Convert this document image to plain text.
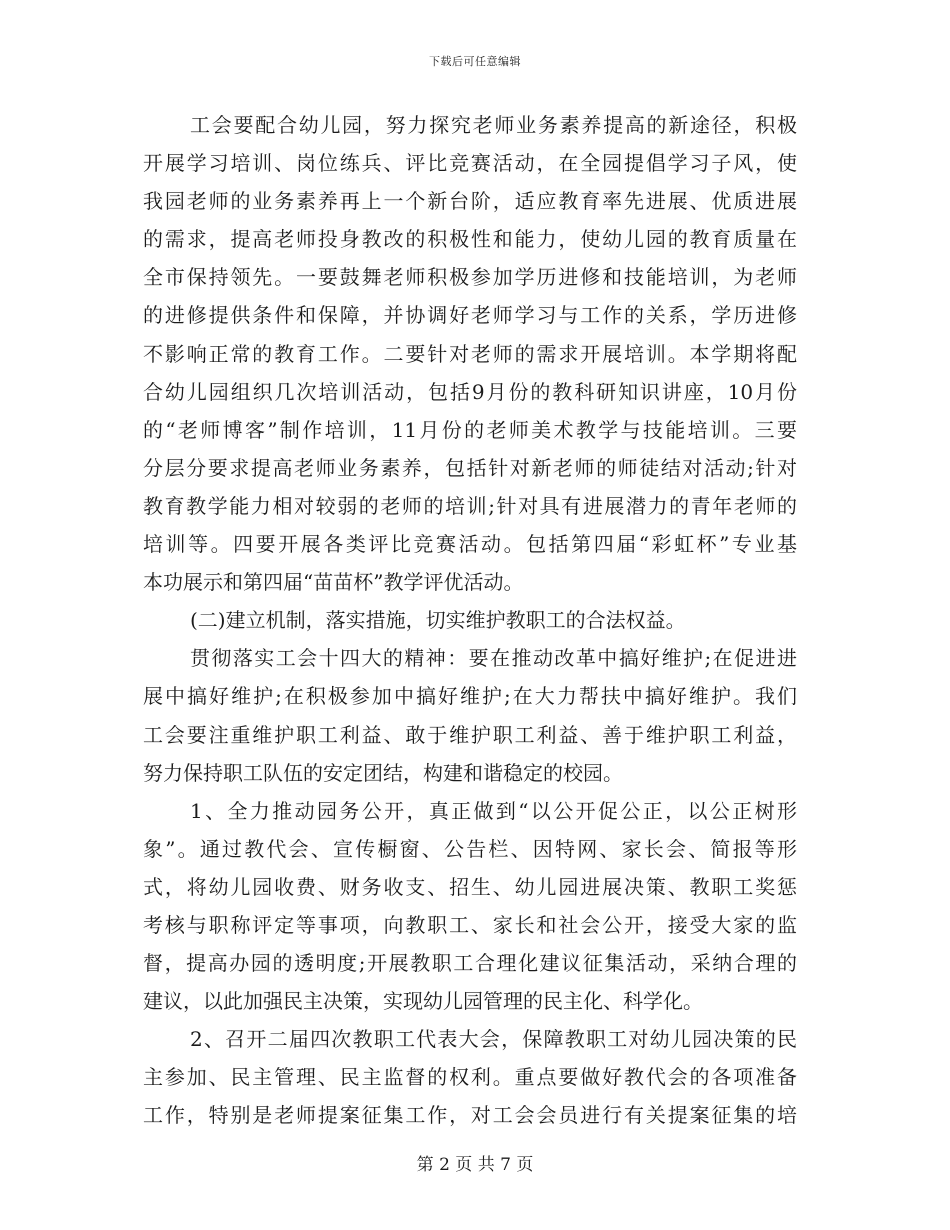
下载后可任意编辑
工会要配合幼儿园，努力探究老师业务素养提高的新途径，积极
开展学习培训、岗位练兵、评比竞赛活动，在全园提倡学习子风，使
我园老师的业务素养再上一个新台阶，适应教育率先进展、优质进展
的需求，提高老师投身教改的积极性和能力，使幼儿园的教育质量在
全市保持领先。一要鼓舞老师积极参加学历进修和技能培训，为老师
的进修提供条件和保障，并协调好老师学习与工作的关系，学历进修
不影响正常的教育工作。二要针对老师的需求开展培训。本学期将配
合幼儿园组织几次培训活动，包括9月份的教科研知识讲座，10月份
的“老师博客”制作培训，11月份的老师美术教学与技能培训。三要
分层分要求提高老师业务素养，包括针对新老师的师徒结对活动;针对
教育教学能力相对较弱的老师的培训;针对具有进展潜力的青年老师的
培训等。四要开展各类评比竞赛活动。包括第四届“彩虹杯”专业基
本功展示和第四届“苗苗杯”教学评优活动。
(二)建立机制，落实措施，切实维护教职工的合法权益。
贯彻落实工会十四大的精神：要在推动改革中搞好维护;在促进进
展中搞好维护;在积极参加中搞好维护;在大力帮扶中搞好维护。我们
工会要注重维护职工利益、敢于维护职工利益、善于维护职工利益，
努力保持职工队伍的安定团结，构建和谐稳定的校园。
1、全力推动园务公开，真正做到“以公开促公正，以公正树形
象”。通过教代会、宣传橱窗、公告栏、因特网、家长会、简报等形
式，将幼儿园收费、财务收支、招生、幼儿园进展决策、教职工奖惩
考核与职称评定等事项，向教职工、家长和社会公开，接受大家的监
督，提高办园的透明度;开展教职工合理化建议征集活动，采纳合理的
建议，以此加强民主决策，实现幼儿园管理的民主化、科学化。
2、召开二届四次教职工代表大会，保障教职工对幼儿园决策的民
主参加、民主管理、民主监督的权利。重点要做好教代会的各项准备
工作，特别是老师提案征集工作，对工会会员进行有关提案征集的培
第 2 页 共 7 页
